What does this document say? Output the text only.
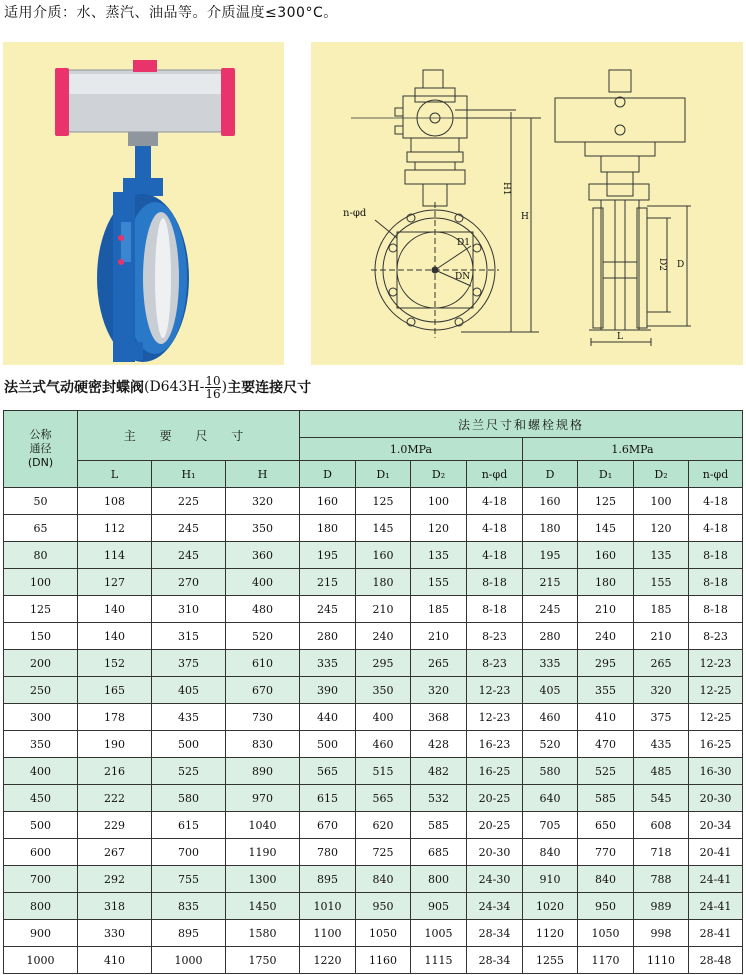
适用介质：水、蒸汽、油品等。介质温度≤300°C。
n-φd
D1
DN
H1
H
D2 D
L
法兰式气动硬密封蝶阀 ($D643H- \frac{10}{16}$ ) 主要连接尺寸
公称
通径
(DN)	主 要 尺 寸			法兰尺寸和螺栓规格							
				1.0MPa				1.6MPa			
	L	H₁	H	D	D₁	D₂	n-φd	D	D₁	D₂	n-φd
50	108	225	320	160	125	100	4-18	160	125	100	4-18
65	112	245	350	180	145	120	4-18	180	145	120	4-18
80	114	245	360	195	160	135	4-18	195	160	135	8-18
100	127	270	400	215	180	155	8-18	215	180	155	8-18
125	140	310	480	245	210	185	8-18	245	210	185	8-18
150	140	315	520	280	240	210	8-23	280	240	210	8-23
200	152	375	610	335	295	265	8-23	335	295	265	12-23
250	165	405	670	390	350	320	12-23	405	355	320	12-25
300	178	435	730	440	400	368	12-23	460	410	375	12-25
350	190	500	830	500	460	428	16-23	520	470	435	16-25
400	216	525	890	565	515	482	16-25	580	525	485	16-30
450	222	580	970	615	565	532	20-25	640	585	545	20-30
500	229	615	1040	670	620	585	20-25	705	650	608	20-34
600	267	700	1190	780	725	685	20-30	840	770	718	20-41
700	292	755	1300	895	840	800	24-30	910	840	788	24-41
800	318	835	1450	1010	950	905	24-34	1020	950	989	24-41
900	330	895	1580	1100	1050	1005	28-34	1120	1050	998	28-41
1000	410	1000	1750	1220	1160	1115	28-34	1255	1170	1110	28-48
